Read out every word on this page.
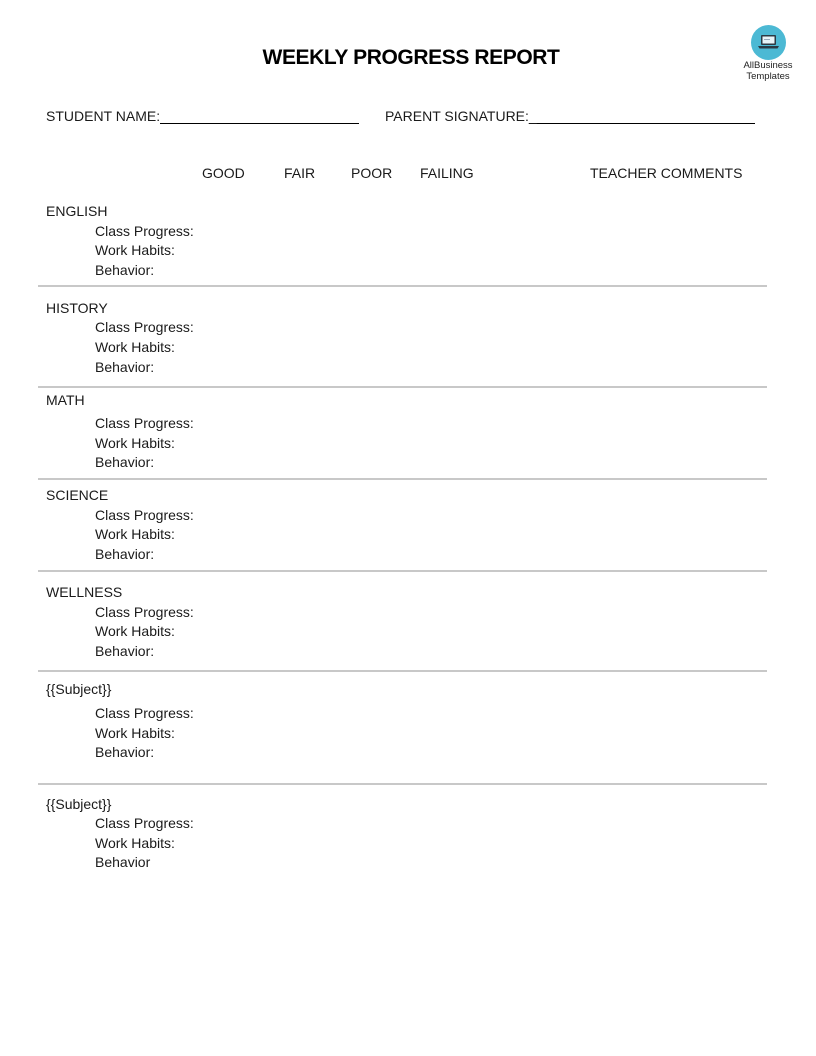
WEEKLY PROGRESS REPORT	AllBusiness
Templates
STUDENT NAME:	PARENT SIGNATURE:_
GOOD	FAIR	POOR FAILING	TEACHER COMMENTS
ENGLISH
Class Progress:
Work Habits:
Behavior:
HISTORY
Class Progress:
Work Habits:
Behavior:
MATH
Class Progress:
Work Habits:
Behavior:
SCIENCE
Class Progress:
Work Habits:
Behavior:
WELLNESS
Class Progress:
Work Habits:
Behavior:
{{Subject}}
Class Progress:
Work Habits:
Behavior:
{{Subject}}
Class Progress:
Work Habits:
Behavior
